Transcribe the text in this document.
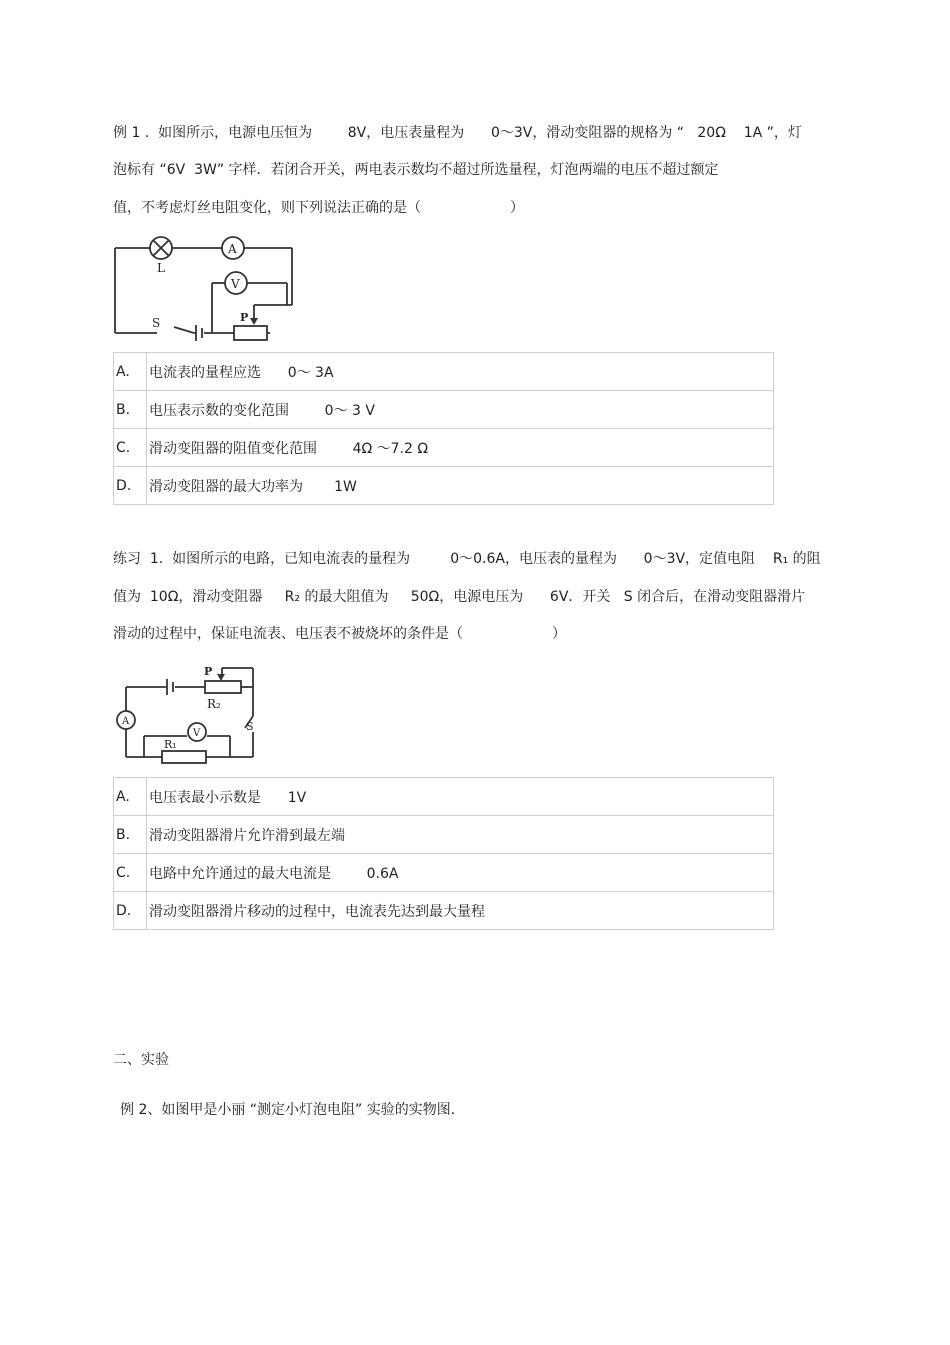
例 1 .  如图所示，电源电压恒为        8V，电压表量程为      0～3V，滑动变阻器的规格为 “   20Ω    1A ”，灯
泡标有 “6V  3W” 字样．若闭合开关，两电表示数均不超过所选量程，灯泡两端的电压不超过额定
值，不考虑灯丝电阻变化，则下列说法正确的是（                    ）
L
A
V
S	P
A.	电流表的量程应选      0～ 3A
B.	电压表示数的变化范围        0～ 3 V
C.	滑动变阻器的阻值变化范围        4Ω ～7.2 Ω
D.	滑动变阻器的最大功率为       1W
练习  1.  如图所示的电路，已知电流表的量程为         0～0.6A，电压表的量程为      0～3V，定值电阻    R₁ 的阻
值为  10Ω，滑动变阻器     R₂ 的最大阻值为     50Ω，电源电压为      6V．开关   S 闭合后，在滑动变阻器滑片
滑动的过程中，保证电流表、电压表不被烧坏的条件是（                    ）
P
R₂
A
V
R₁
S
A.	电压表最小示数是      1V
B.	滑动变阻器滑片允许滑到最左端
C.	电路中允许通过的最大电流是        0.6A
D.	滑动变阻器滑片移动的过程中，电流表先达到最大量程
二、实验
例 2、如图甲是小丽 “测定小灯泡电阻” 实验的实物图．
